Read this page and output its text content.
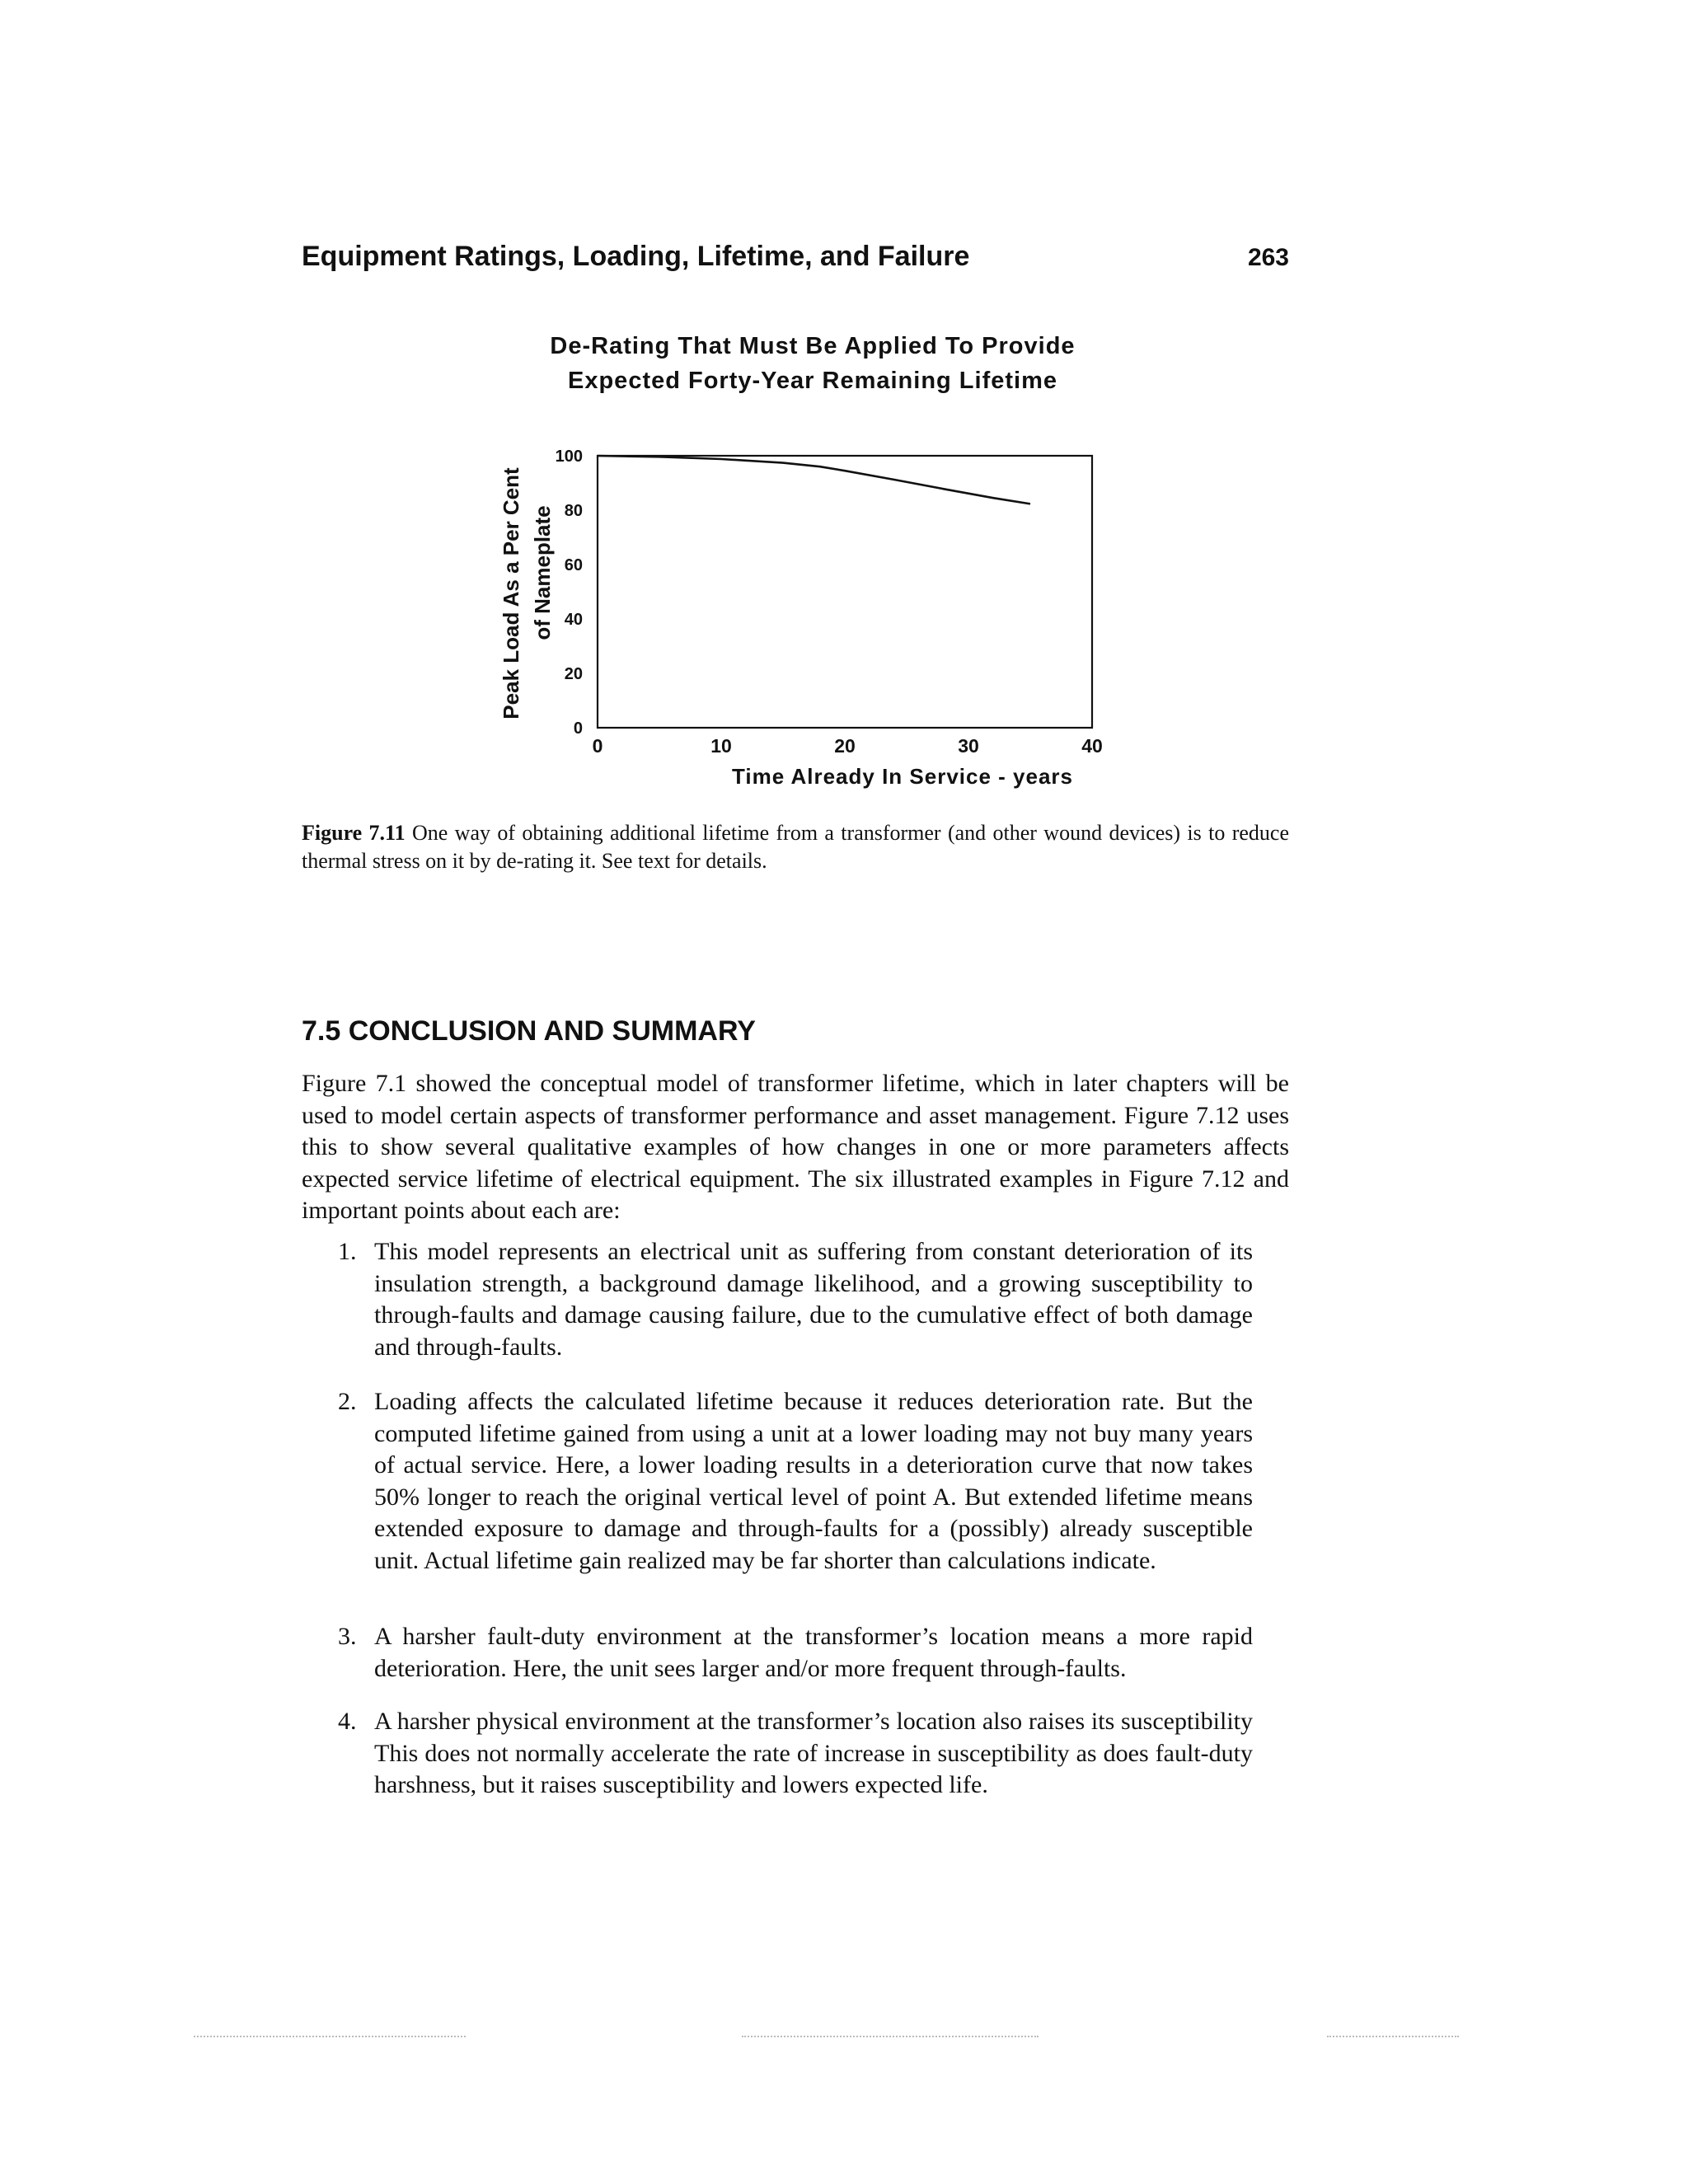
Equipment Ratings, Loading, Lifetime, and Failure	263
De-Rating That Must Be Applied To Provide
Expected Forty-Year Remaining Lifetime
Peak Load As a Per Cent of Nameplate
100
80
60
40
20
0
0	10	20	30	40
Time Already In Service - years
Figure 7.11 One way of obtaining additional lifetime from a transformer (and other wound devices) is to reduce thermal stress on it by de-rating it. See text for details.
7.5 CONCLUSION AND SUMMARY

Figure 7.1 showed the conceptual model of transformer lifetime, which in later chapters will be used to model certain aspects of transformer performance and asset management. Figure 7.12 uses this to show several qualitative examples of how changes in one or more parameters affects expected service lifetime of electrical equipment. The six illustrated examples in Figure 7.12 and important points about each are:

1. This model represents an electrical unit as suffering from constant deterioration of its insulation strength, a background damage likelihood, and a growing susceptibility to through-faults and damage causing failure, due to the cumulative effect of both damage and through-faults.
2. Loading affects the calculated lifetime because it reduces deterioration rate. But the computed lifetime gained from using a unit at a lower loading may not buy many years of actual service. Here, a lower loading results in a deterioration curve that now takes 50% longer to reach the original vertical level of point A. But extended lifetime means extended exposure to damage and through-faults for a (possibly) already susceptible unit. Actual lifetime gain realized may be far shorter than calculations indicate.
3. A harsher fault-duty environment at the transformer’s location means a more rapid deterioration. Here, the unit sees larger and/or more frequent through-faults.
4. A harsher physical environment at the transformer’s location also raises its susceptibility This does not normally accelerate the rate of increase in susceptibility as does fault-duty harshness, but it raises susceptibility and lowers expected life.
